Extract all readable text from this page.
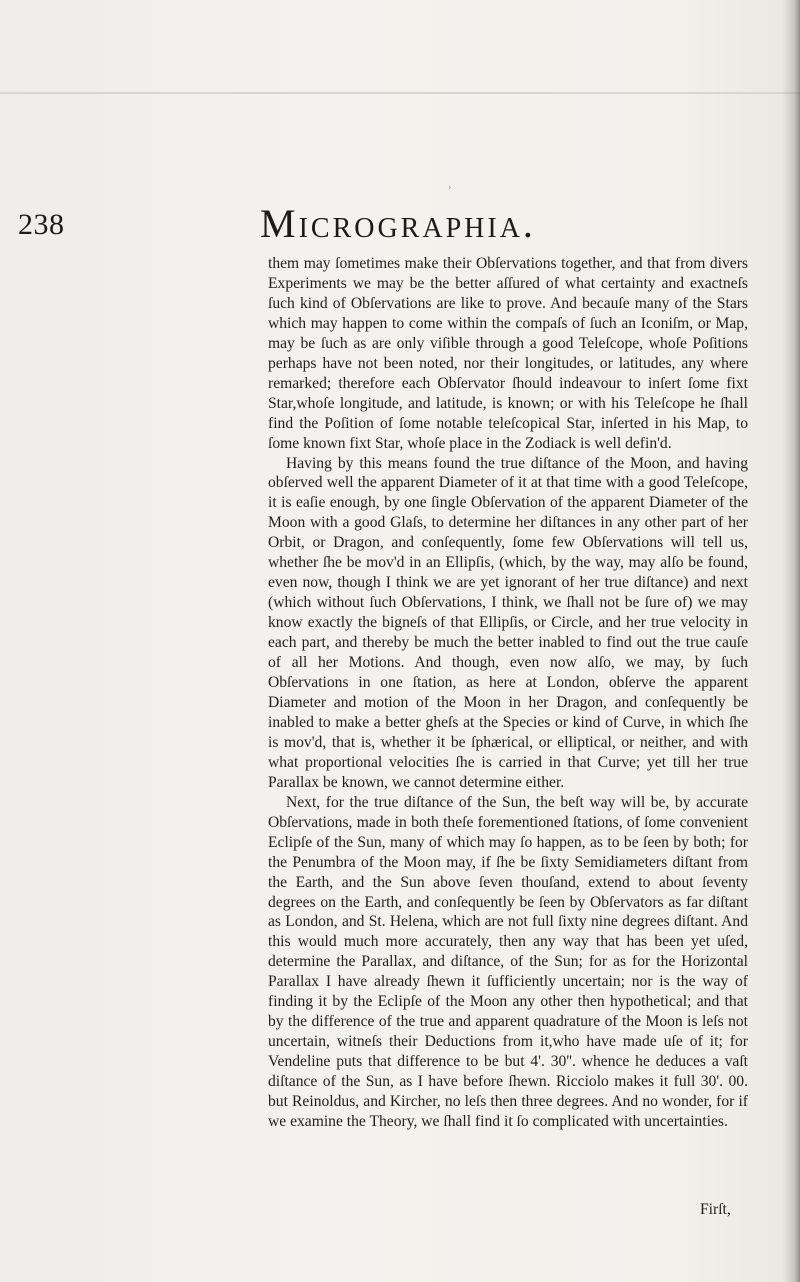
›
238	Micrographia.

them may ſometimes make their Obſervations together, and that from divers Experiments we may be the better aſſured of what certainty and exactneſs ſuch kind of Obſervations are like to prove. And becauſe many of the Stars which may happen to come within the compaſs of ſuch an Iconiſm, or Map, may be ſuch as are only viſible through a good Teleſcope, whoſe Poſitions perhaps have not been noted, nor their longitudes, or latitudes, any where remarked; therefore each Obſervator ſhould indeavour to inſert ſome fixt Star,whoſe longitude, and latitude, is known; or with his Teleſcope he ſhall find the Poſition of ſome notable teleſcopical Star, inſerted in his Map, to ſome known fixt Star, whoſe place in the Zodiack is well defin'd.

Having by this means found the true diſtance of the Moon, and having obſerved well the apparent Diameter of it at that time with a good Teleſcope, it is eaſie enough, by one ſingle Obſervation of the apparent Diameter of the Moon with a good Glaſs, to determine her diſtances in any other part of her Orbit, or Dragon, and conſequently, ſome few Obſervations will tell us, whether ſhe be mov'd in an Ellipſis, (which, by the way, may alſo be found, even now, though I think we are yet ignorant of her true diſtance) and next (which without ſuch Obſervations, I think, we ſhall not be ſure of) we may know exactly the bigneſs of that Ellipſis, or Circle, and her true velocity in each part, and thereby be much the better inabled to find out the true cauſe of all her Motions. And though, even now alſo, we may, by ſuch Obſervations in one ſtation, as here at London, obſerve the apparent Diameter and motion of the Moon in her Dragon, and conſequently be inabled to make a better gheſs at the Species or kind of Curve, in which ſhe is mov'd, that is, whether it be ſphærical, or elliptical, or neither, and with what proportional velocities ſhe is carried in that Curve; yet till her true Parallax be known, we cannot determine either.

Next, for the true diſtance of the Sun, the beſt way will be, by accurate Obſervations, made in both theſe forementioned ſtations, of ſome convenient Eclipſe of the Sun, many of which may ſo happen, as to be ſeen by both; for the Penumbra of the Moon may, if ſhe be ſixty Semidiameters diſtant from the Earth, and the Sun above ſeven thouſand, extend to about ſeventy degrees on the Earth, and conſequently be ſeen by Obſervators as far diſtant as London, and St. Helena, which are not full ſixty nine degrees diſtant. And this would much more accurately, then any way that has been yet uſed, determine the Parallax, and diſtance, of the Sun; for as for the Horizontal Parallax I have already ſhewn it ſufficiently uncertain; nor is the way of finding it by the Eclipſe of the Moon any other then hypothetical; and that by the difference of the true and apparent quadrature of the Moon is leſs not uncertain, witneſs their Deductions from it,who have made uſe of it; for Vendeline puts that difference to be but 4'. 30''. whence he deduces a vaſt diſtance of the Sun, as I have before ſhewn. Ricciolo makes it full 30'. 00. but Reinoldus, and Kircher, no leſs then three degrees. And no wonder, for if we examine the Theory, we ſhall find it ſo complicated with uncertainties.

Firſt,
